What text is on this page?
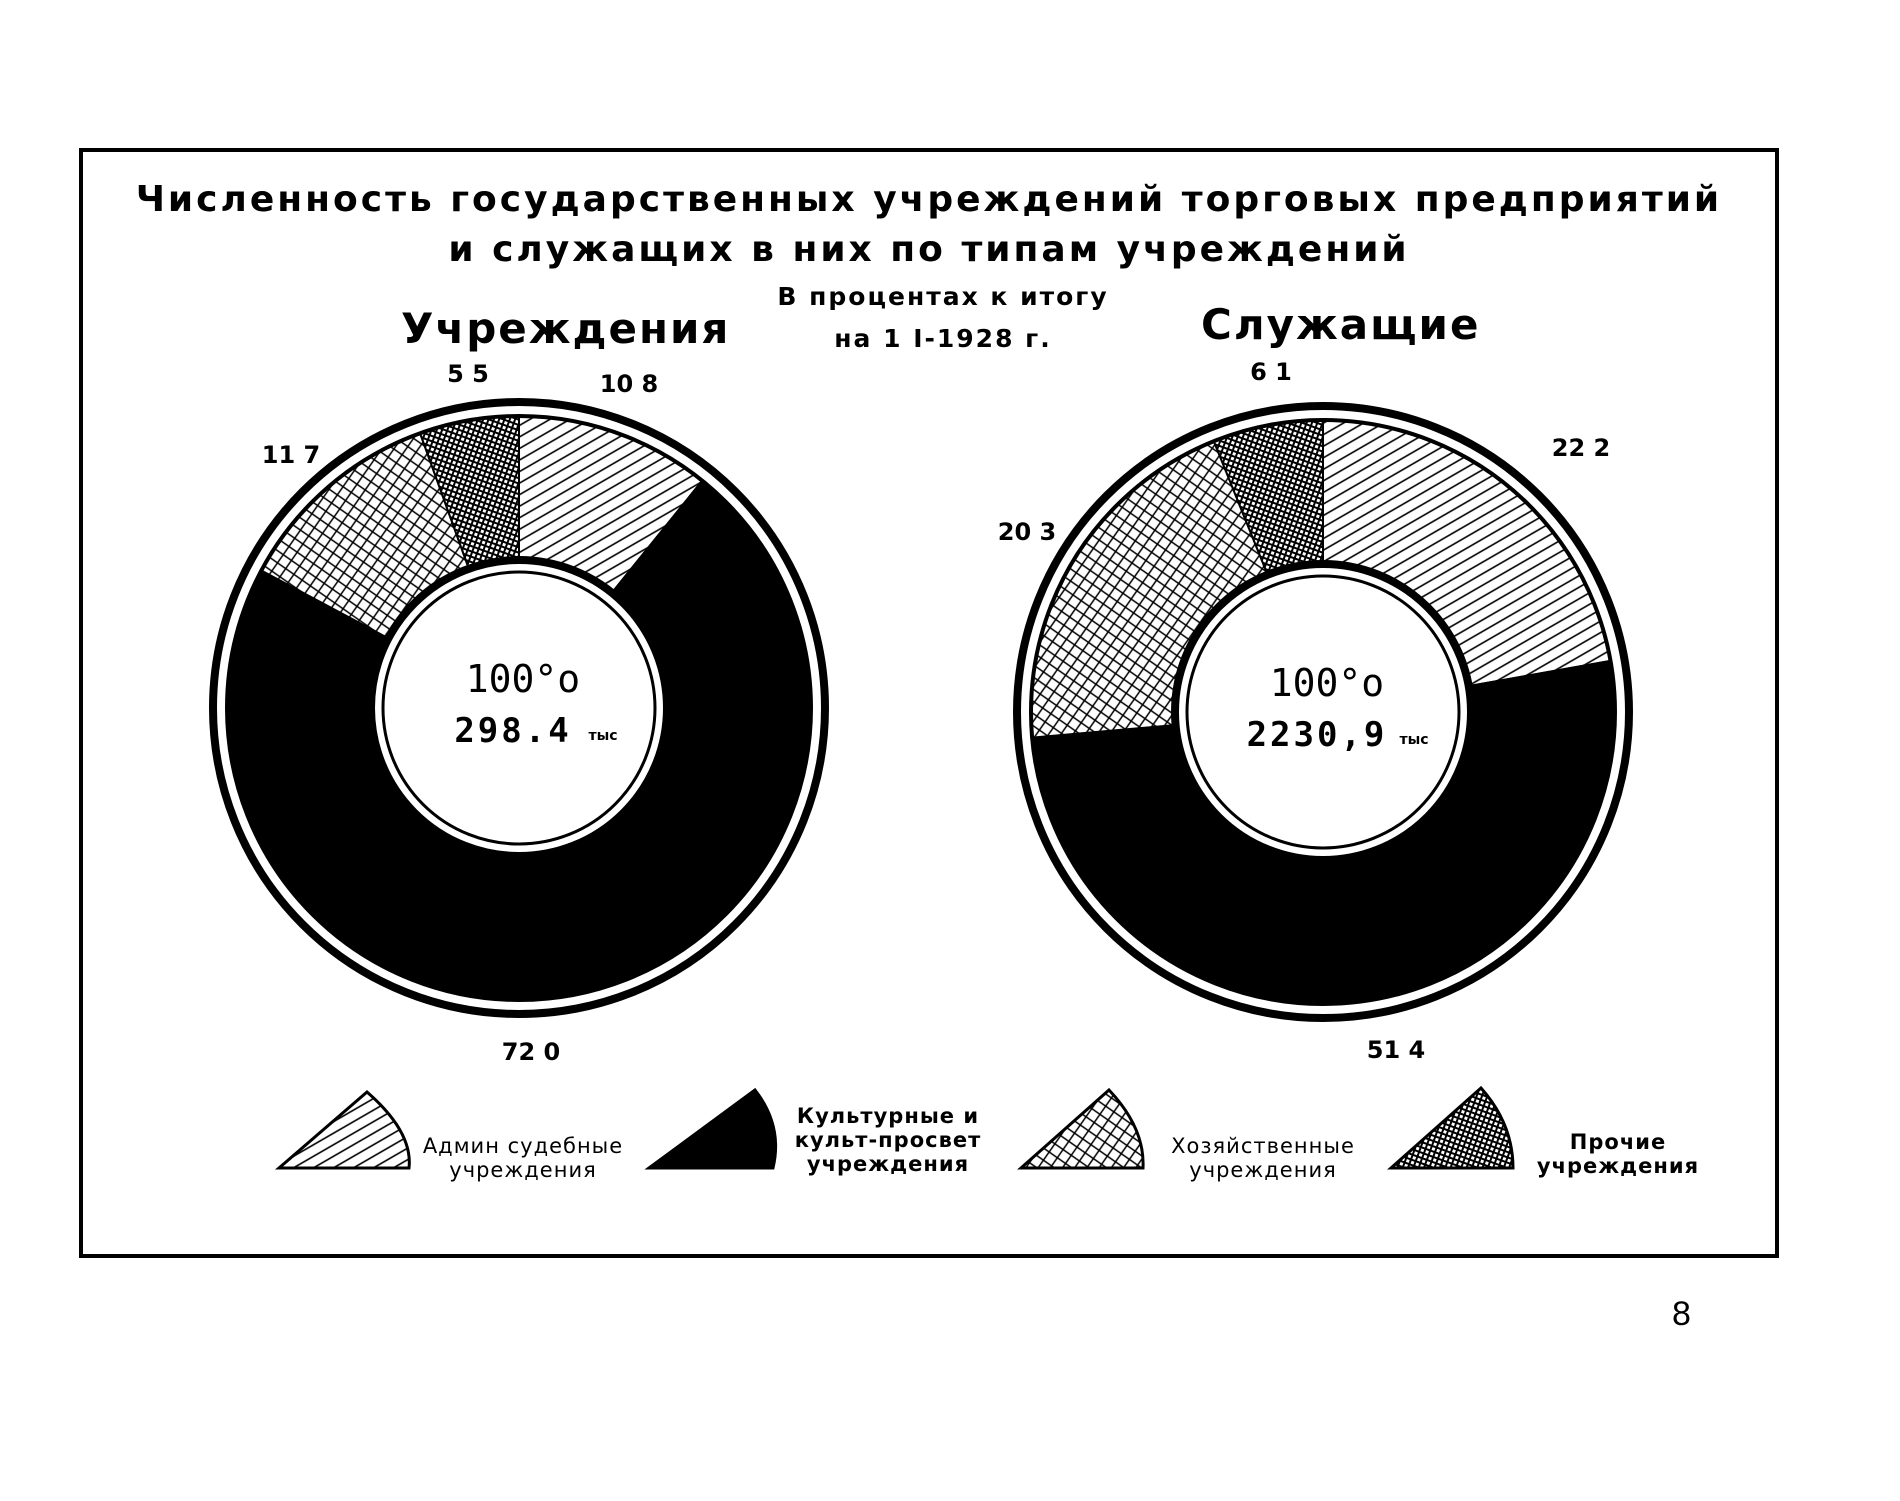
Численность государственных учреждений торговых предприятий
и служащих в них по типам учреждений
В процентах к итогу
на 1 I-1928 г.
Учреждения	Служащие
100°о
298.4 тыс
100°о
2230,9 тыс
10 8
72 0
11 7
5 5
22 2
51 4
20 3
6 1
Админ судебные
учреждения
Культурные и
культ-просвет
учреждения
Хозяйственные
учреждения
Прочие
учреждения
8
